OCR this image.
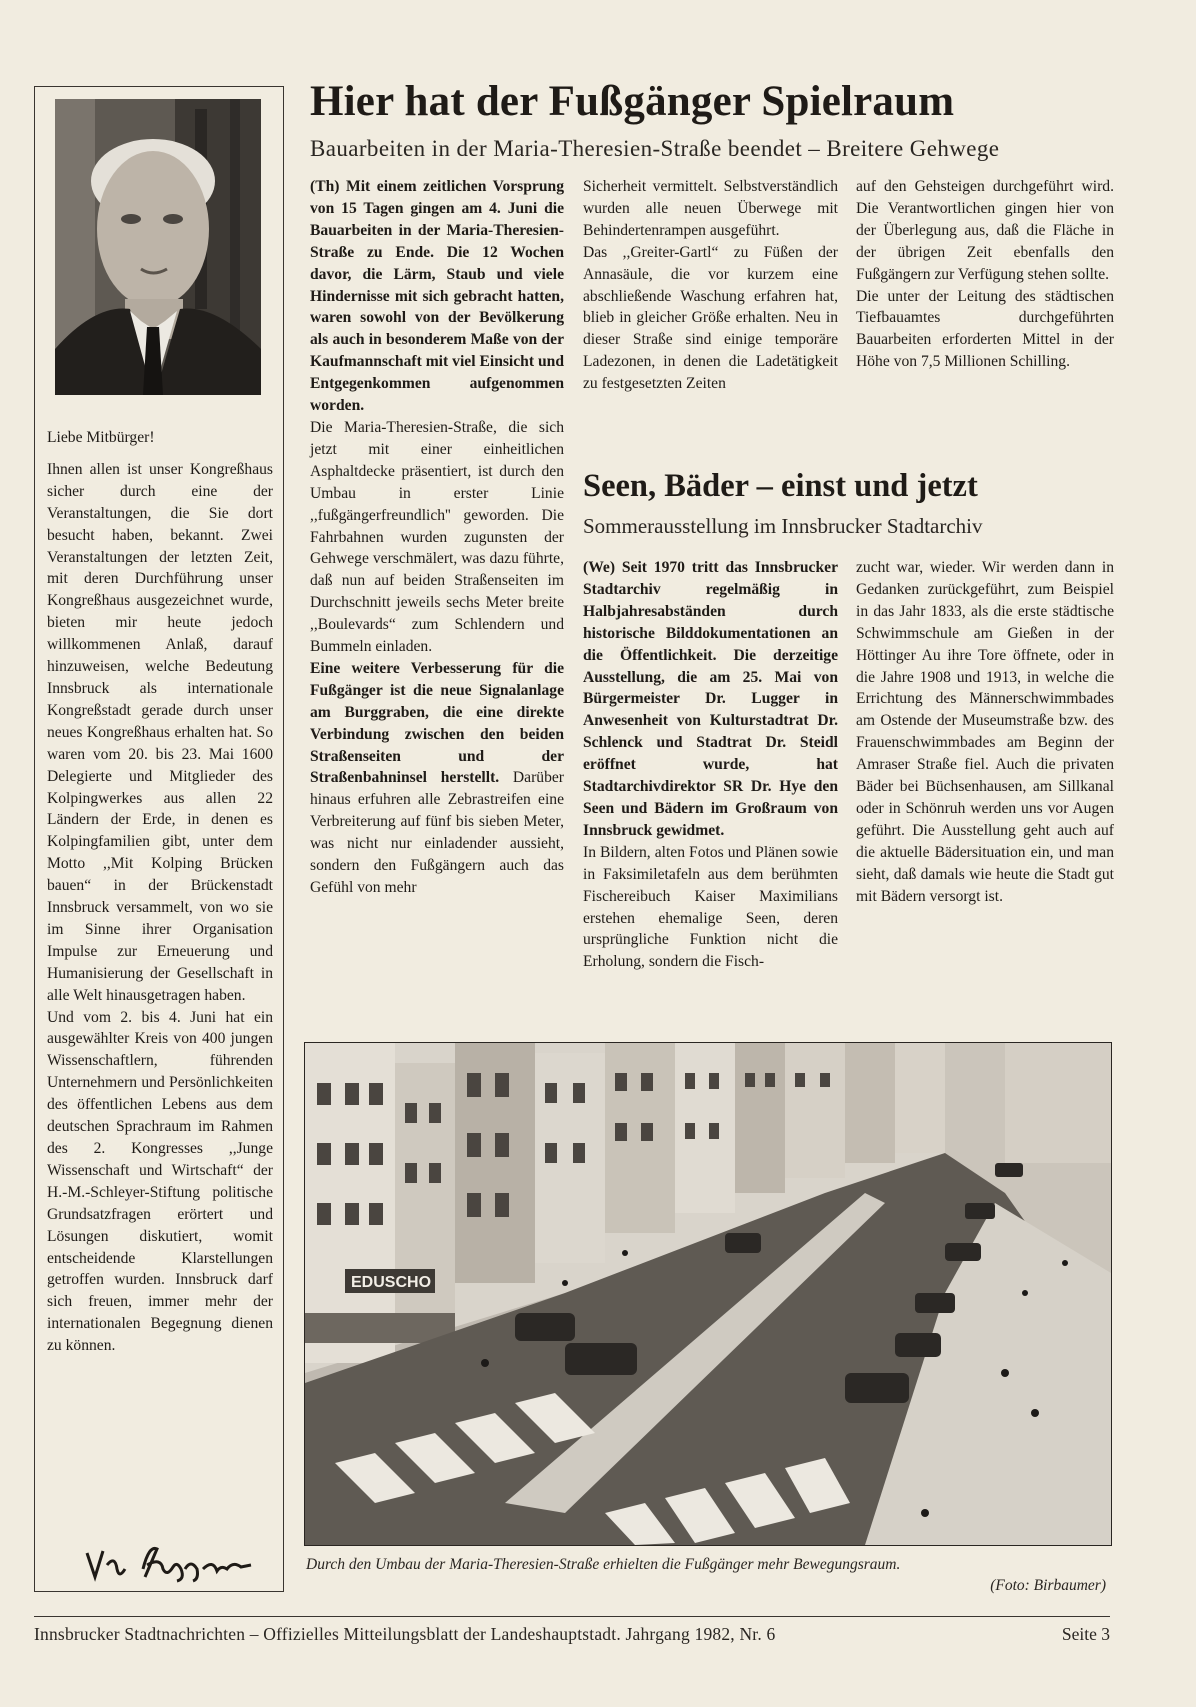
Liebe Mitbürger!

Ihnen allen ist unser Kongreßhaus sicher durch eine der Veranstaltungen, die Sie dort besucht haben, bekannt. Zwei Veranstaltungen der letzten Zeit, mit deren Durchführung unser Kongreßhaus ausgezeichnet wurde, bieten mir heute jedoch willkommenen Anlaß, darauf hinzuweisen, welche Bedeutung Innsbruck als internationale Kongreßstadt gerade durch unser neues Kongreßhaus erhalten hat. So waren vom 20. bis 23. Mai 1600 Delegierte und Mitglieder des Kolpingwerkes aus allen 22 Ländern der Erde, in denen es Kolpingfamilien gibt, unter dem Motto ,,Mit Kolping Brücken bauen“ in der Brückenstadt Innsbruck versammelt, von wo sie im Sinne ihrer Organisation Impulse zur Erneuerung und Humanisierung der Gesellschaft in alle Welt hinausgetragen haben.

Und vom 2. bis 4. Juni hat ein ausgewählter Kreis von 400 jungen Wissenschaftlern, führenden Unternehmern und Persönlichkeiten des öffentlichen Lebens aus dem deutschen Sprachraum im Rahmen des 2. Kongresses ,,Junge Wissenschaft und Wirtschaft“ der H.-M.-Schleyer-Stiftung politische Grundsatzfragen erörtert und Lösungen diskutiert, womit entscheidende Klarstellungen getroffen wurden. Innsbruck darf sich freuen, immer mehr der internationalen Begegnung dienen zu können.

Hier hat der Fußgänger Spielraum
Bauarbeiten in der Maria-Theresien-Straße beendet – Breitere Gehwege

(Th) Mit einem zeitlichen Vorsprung von 15 Tagen gingen am 4. Juni die Bauarbeiten in der Maria-Theresien-Straße zu Ende. Die 12 Wochen davor, die Lärm, Staub und viele Hindernisse mit sich gebracht hatten, waren sowohl von der Bevölkerung als auch in besonderem Maße von der Kaufmannschaft mit viel Einsicht und Entgegenkommen aufgenommen worden.

Die Maria-Theresien-Straße, die sich jetzt mit einer einheitlichen Asphaltdecke präsentiert, ist durch den Umbau in erster Linie ,,fußgängerfreundlich'' geworden. Die Fahrbahnen wurden zugunsten der Gehwege verschmälert, was dazu führte, daß nun auf beiden Straßenseiten im Durchschnitt jeweils sechs Meter breite ,,Boulevards“ zum Schlendern und Bummeln einladen.

Eine weitere Verbesserung für die Fußgänger ist die neue Signalanlage am Burggraben, die eine direkte Verbindung zwischen den beiden Straßenseiten und der Straßenbahninsel herstellt. Darüber hinaus erfuhren alle Zebrastreifen eine Verbreiterung auf fünf bis sieben Meter, was nicht nur einladender aussieht, sondern den Fußgängern auch das Gefühl von mehr

Sicherheit vermittelt. Selbstverständlich wurden alle neuen Überwege mit Behindertenrampen ausgeführt.

Das ,,Greiter-Gartl“ zu Füßen der Annasäule, die vor kurzem eine abschließende Waschung erfahren hat, blieb in gleicher Größe erhalten. Neu in dieser Straße sind einige temporäre Ladezonen, in denen die Ladetätigkeit zu festgesetzten Zeiten

auf den Gehsteigen durchgeführt wird. Die Verantwortlichen gingen hier von der Überlegung aus, daß die Fläche in der übrigen Zeit ebenfalls den Fußgängern zur Verfügung stehen sollte.

Die unter der Leitung des städtischen Tiefbauamtes durchgeführten Bauarbeiten erforderten Mittel in der Höhe von 7,5 Millionen Schilling.

Seen, Bäder – einst und jetzt
Sommerausstellung im Innsbrucker Stadtarchiv

(We) Seit 1970 tritt das Innsbrucker Stadtarchiv regelmäßig in Halbjahresabständen durch historische Bilddokumentationen an die Öffentlichkeit. Die derzeitige Ausstellung, die am 25. Mai von Bürgermeister Dr. Lugger in Anwesenheit von Kulturstadtrat Dr. Schlenck und Stadtrat Dr. Steidl eröffnet wurde, hat Stadtarchivdirektor SR Dr. Hye den Seen und Bädern im Großraum von Innsbruck gewidmet.

In Bildern, alten Fotos und Plänen sowie in Faksimiletafeln aus dem berühmten Fischereibuch Kaiser Maximilians erstehen ehemalige Seen, deren ursprüngliche Funktion nicht die Erholung, sondern die Fisch-

zucht war, wieder. Wir werden dann in Gedanken zurückgeführt, zum Beispiel in das Jahr 1833, als die erste städtische Schwimmschule am Gießen in der Höttinger Au ihre Tore öffnete, oder in die Jahre 1908 und 1913, in welche die Errichtung des Männerschwimmbades am Ostende der Museumstraße bzw. des Frauenschwimmbades am Beginn der Amraser Straße fiel. Auch die privaten Bäder bei Büchsenhausen, am Sillkanal oder in Schönruh werden uns vor Augen geführt. Die Ausstellung geht auch auf die aktuelle Bädersituation ein, und man sieht, daß damals wie heute die Stadt gut mit Bädern versorgt ist.

EDUSCHO
Durch den Umbau der Maria-Theresien-Straße erhielten die Fußgänger mehr Bewegungsraum.
(Foto: Birbaumer)
Innsbrucker Stadtnachrichten – Offizielles Mitteilungsblatt der Landeshauptstadt. Jahrgang 1982, Nr. 6	Seite 3
